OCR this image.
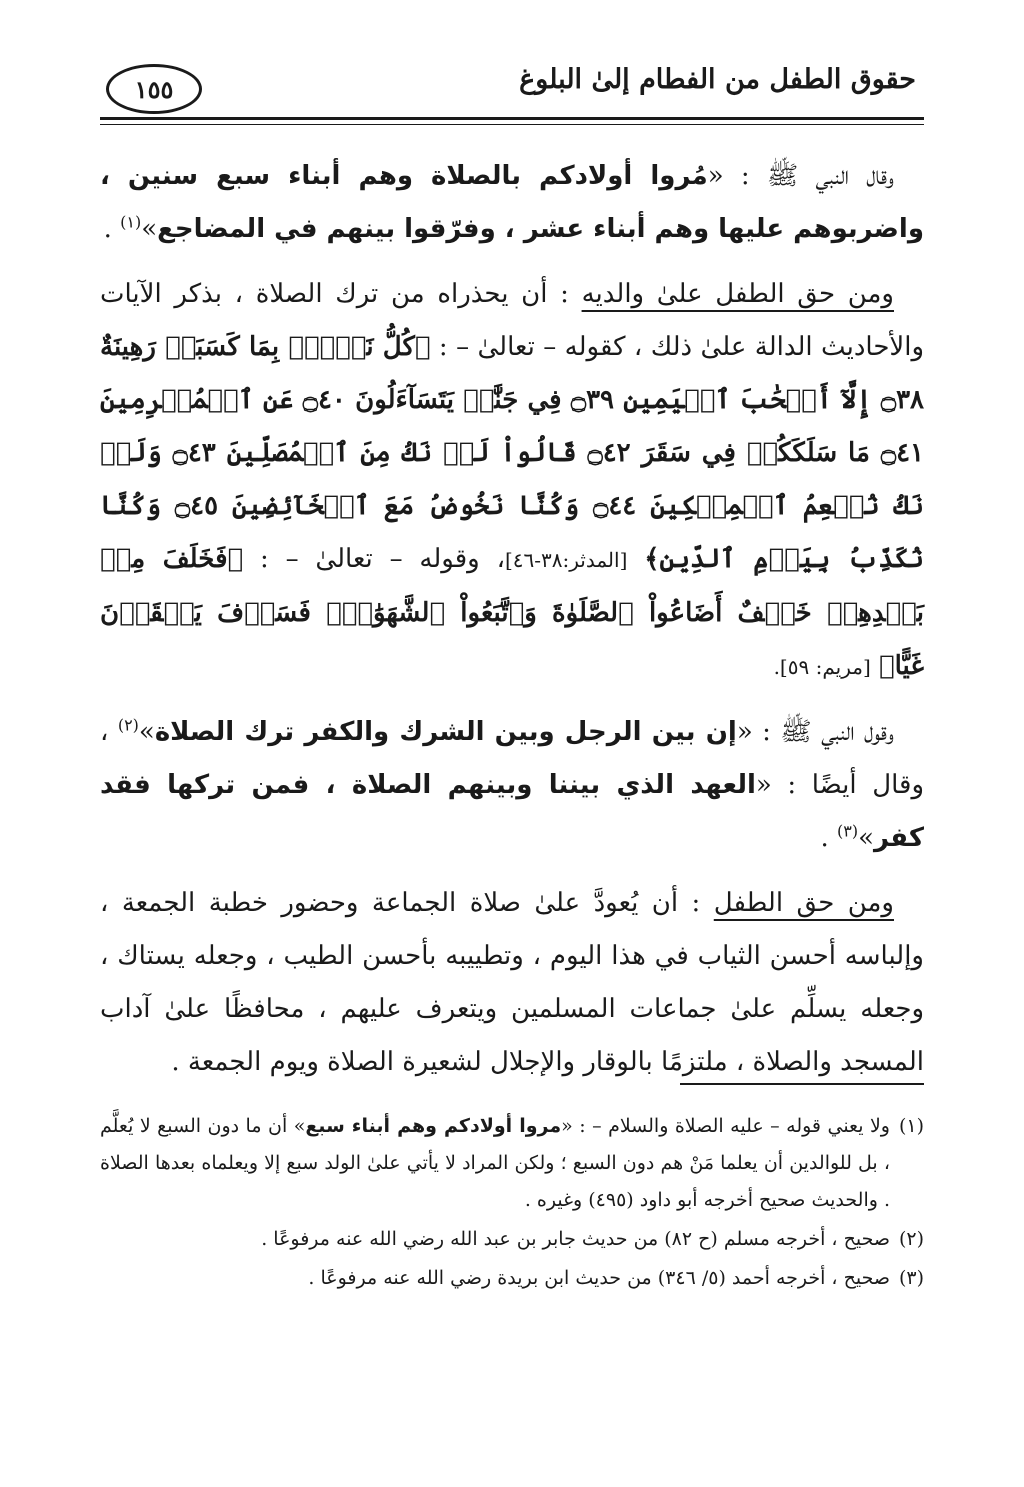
حقوق الطفل من الفطام إلىٰ البلوغ
١٥٥

وقال النبي ﷺ : «مُروا أولادكم بالصلاة وهم أبناء سبع سنين ، واضربوهم عليها وهم أبناء عشر ، وفرّقوا بينهم في المضاجع»$^{(١)}$ .

ومن حق الطفل علىٰ والديه : أن يحذراه من ترك الصلاة ، بذكر الآيات والأحاديث الدالة علىٰ ذلك ، كقوله – تعالىٰ – : ﴿كُلُّ نَفۡسِۭ بِمَا كَسَبَتۡ رَهِينَةٌ ۝٣٨ إِلَّآ أَصۡحَٰبَ ٱلۡيَمِينِ ۝٣٩ فِي جَنَّٰتٖ يَتَسَآءَلُونَ ۝٤٠ عَنِ ٱلۡمُجۡرِمِينَ ۝٤١ مَا سَلَكَكُمۡ فِي سَقَرَ ۝٤٢ قَالُواْ لَمۡ نَكُ مِنَ ٱلۡمُصَلِّينَ ۝٤٣ وَلَمۡ نَكُ نُطۡعِمُ ٱلۡمِسۡكِينَ ۝٤٤ وَكُنَّا نَخُوضُ مَعَ ٱلۡخَآئِضِينَ ۝٤٥ وَكُنَّا نُكَذِّبُ بِيَوۡمِ ٱلدِّينِ﴾ [المدثر:٣٨-٤٦]، وقوله – تعالىٰ – : ﴿فَخَلَفَ مِنۢ بَعۡدِهِمۡ خَلۡفٌ أَضَاعُواْ ٱلصَّلَوٰةَ وَٱتَّبَعُواْ ٱلشَّهَوَٰتِۖ فَسَوۡفَ يَلۡقَوۡنَ غَيًّا﴾ [مريم: ٥٩].

وقول النبي ﷺ : «إن بين الرجل وبين الشرك والكفر ترك الصلاة»$^{(٢)}$ ، وقال أيضًا : «العهد الذي بيننا وبينهم الصلاة ، فمن تركها فقد كفر»$^{(٣)}$ .

ومن حق الطفل : أن يُعودَّ علىٰ صلاة الجماعة وحضور خطبة الجمعة ، وإلباسه أحسن الثياب في هذا اليوم ، وتطييبه بأحسن الطيب ، وجعله يستاك ، وجعله يسلِّم علىٰ جماعات المسلمين ويتعرف عليهم ، محافظًا علىٰ آداب المسجد والصلاة ، ملتزمًا بالوقار والإجلال لشعيرة الصلاة ويوم الجمعة .

(١)ولا يعني قوله – عليه الصلاة والسلام – : «مروا أولادكم وهم أبناء سبع» أن ما دون السبع لا يُعلَّم ، بل للوالدين أن يعلما مَنْ هم دون السبع ؛ ولكن المراد لا يأتي علىٰ الولد سبع إلا ويعلماه بعدها الصلاة . والحديث صحيح أخرجه أبو داود (٤٩٥) وغيره .

(٢)صحيح ، أخرجه مسلم (ح ٨٢) من حديث جابر بن عبد الله رضي الله عنه مرفوعًا .

(٣)صحيح ، أخرجه أحمد (٥/ ٣٤٦) من حديث ابن بريدة رضي الله عنه مرفوعًا .
